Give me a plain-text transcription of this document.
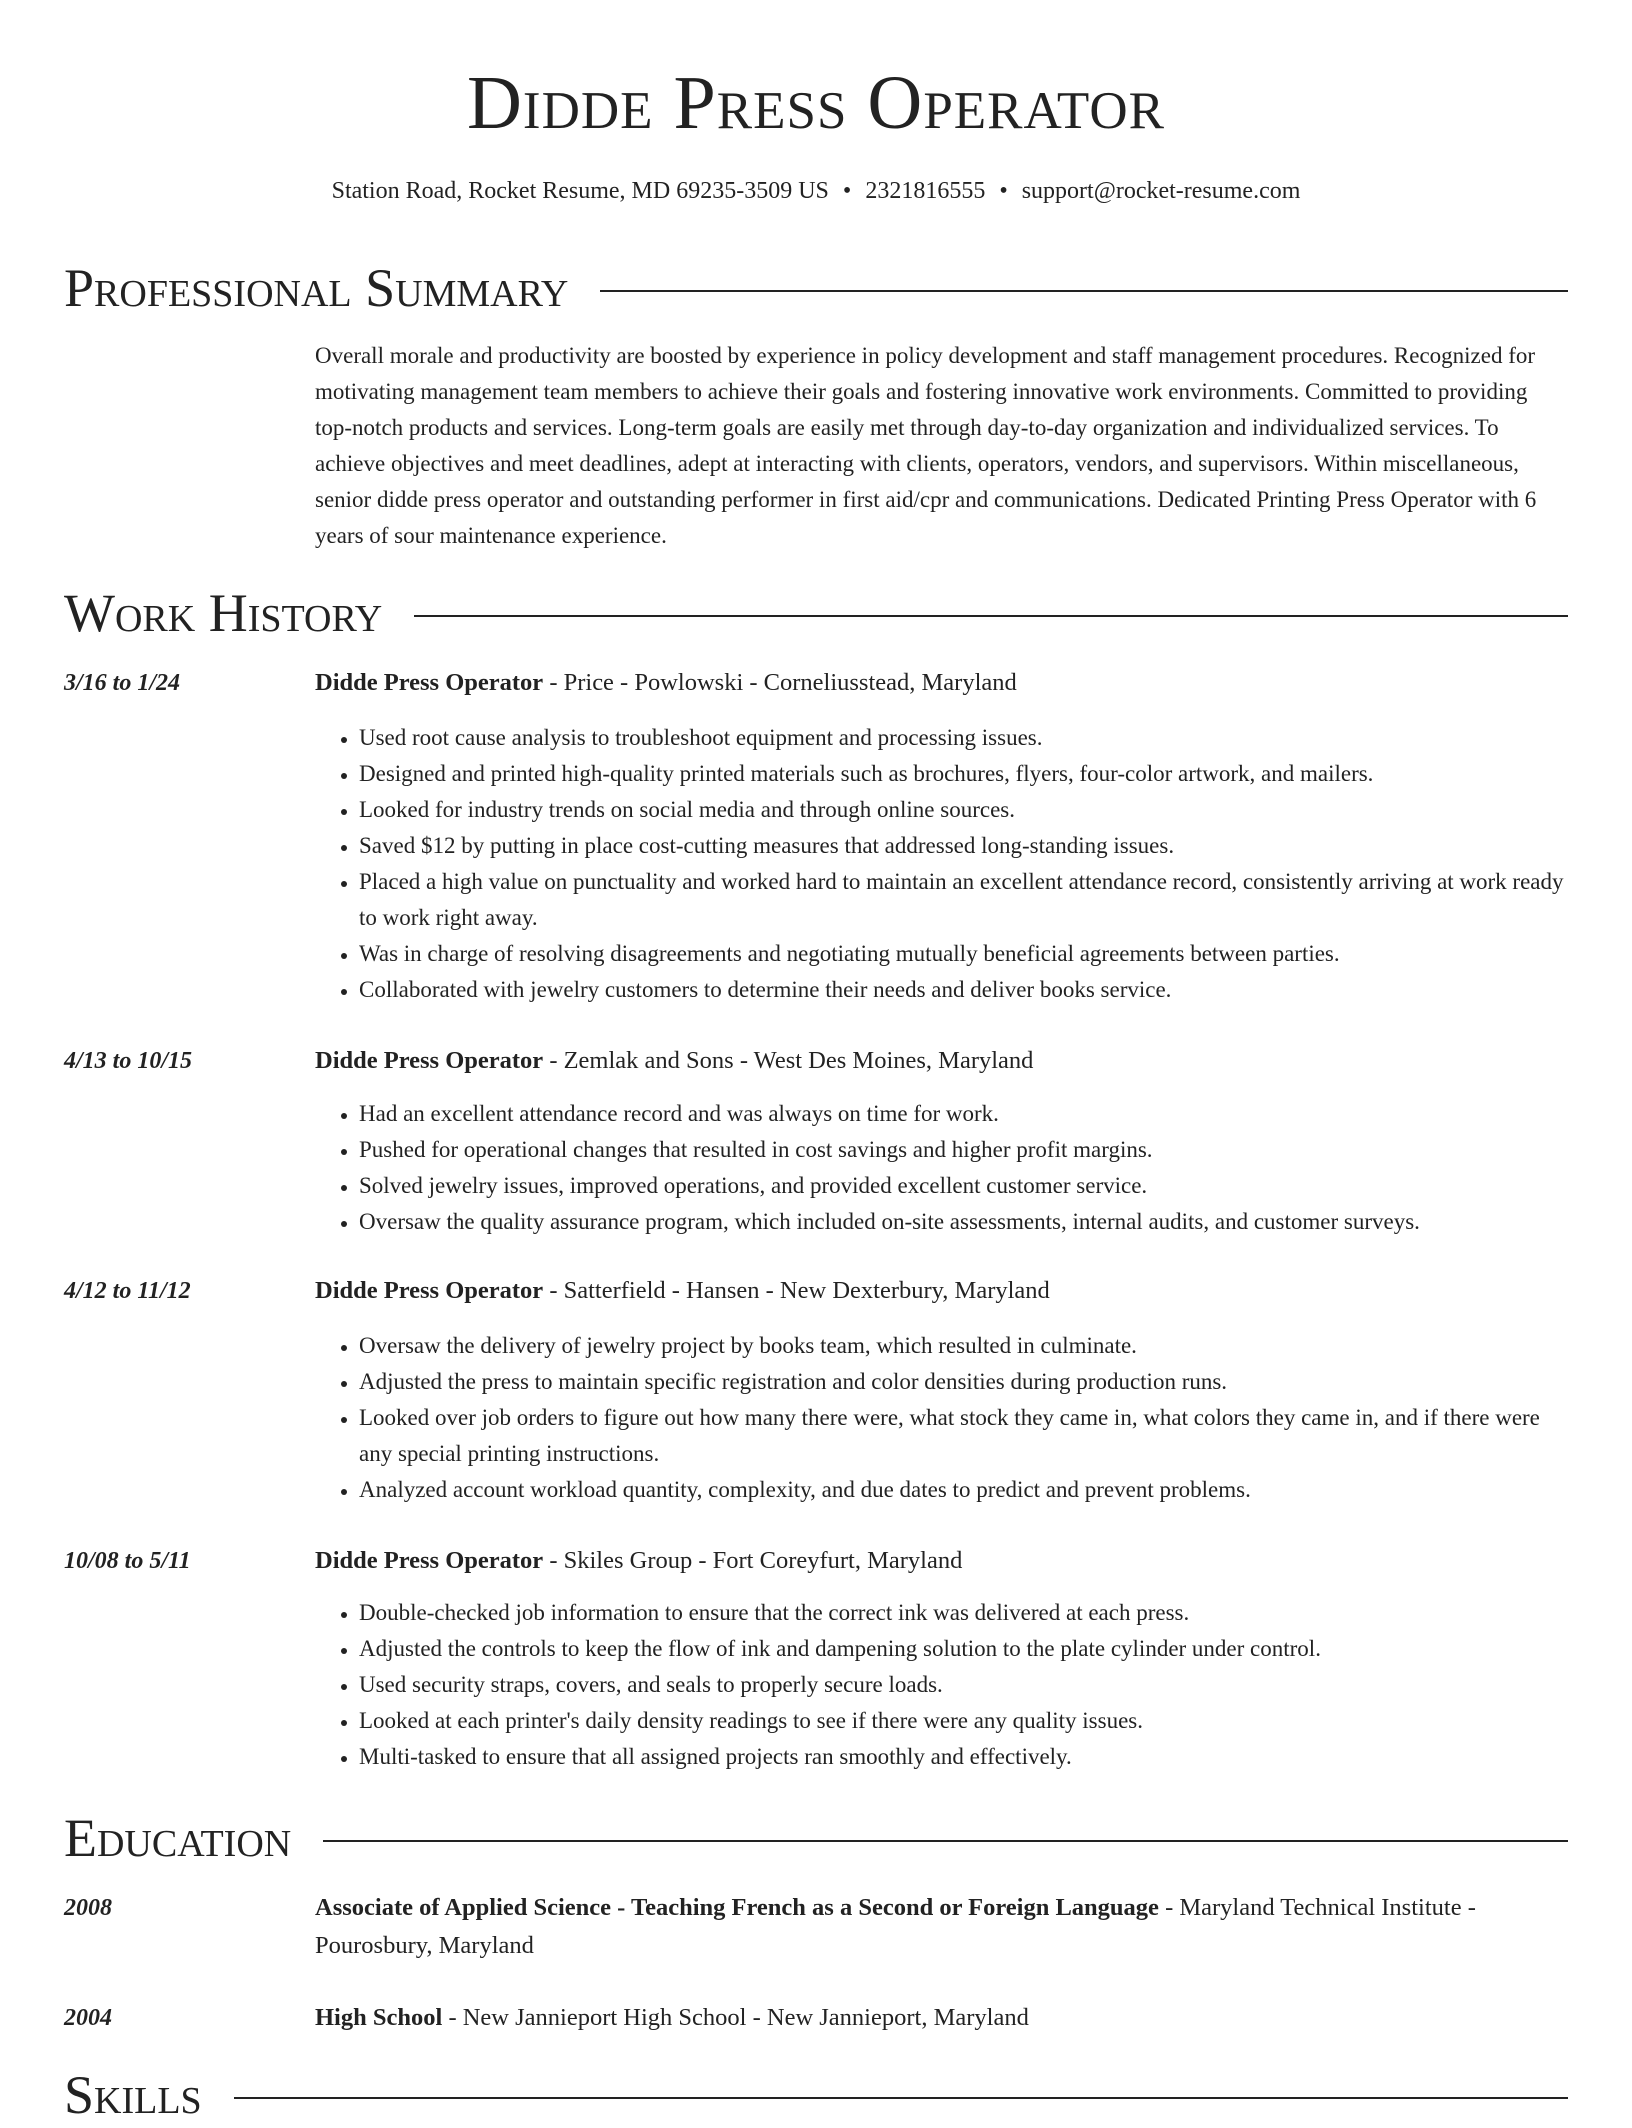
Didde Press Operator
Station Road, Rocket Resume, MD 69235-3509 US • 2321816555 • support@rocket-resume.com
Professional Summary
Overall morale and productivity are boosted by experience in policy development and staff management procedures. Recognized for motivating management team members to achieve their goals and fostering innovative work environments. Committed to providing top-notch products and services. Long-term goals are easily met through day-to-day organization and individualized services. To achieve objectives and meet deadlines, adept at interacting with clients, operators, vendors, and supervisors. Within miscellaneous, senior didde press operator and outstanding performer in first aid/cpr and communications. Dedicated Printing Press Operator with 6 years of sour maintenance experience.
Work History
3/16 to 1/24	Didde Press Operator - Price - Powlowski - Corneliusstead, Maryland
• Used root cause analysis to troubleshoot equipment and processing issues.
• Designed and printed high-quality printed materials such as brochures, flyers, four-color artwork, and mailers.
• Looked for industry trends on social media and through online sources.
• Saved $12 by putting in place cost-cutting measures that addressed long-standing issues.
• Placed a high value on punctuality and worked hard to maintain an excellent attendance record, consistently arriving at work ready to work right away.
• Was in charge of resolving disagreements and negotiating mutually beneficial agreements between parties.
• Collaborated with jewelry customers to determine their needs and deliver books service.
4/13 to 10/15	Didde Press Operator - Zemlak and Sons - West Des Moines, Maryland
• Had an excellent attendance record and was always on time for work.
• Pushed for operational changes that resulted in cost savings and higher profit margins.
• Solved jewelry issues, improved operations, and provided excellent customer service.
• Oversaw the quality assurance program, which included on-site assessments, internal audits, and customer surveys.
4/12 to 11/12	Didde Press Operator - Satterfield - Hansen - New Dexterbury, Maryland
• Oversaw the delivery of jewelry project by books team, which resulted in culminate.
• Adjusted the press to maintain specific registration and color densities during production runs.
• Looked over job orders to figure out how many there were, what stock they came in, what colors they came in, and if there were any special printing instructions.
• Analyzed account workload quantity, complexity, and due dates to predict and prevent problems.
10/08 to 5/11	Didde Press Operator - Skiles Group - Fort Coreyfurt, Maryland
• Double-checked job information to ensure that the correct ink was delivered at each press.
• Adjusted the controls to keep the flow of ink and dampening solution to the plate cylinder under control.
• Used security straps, covers, and seals to properly secure loads.
• Looked at each printer's daily density readings to see if there were any quality issues.
• Multi-tasked to ensure that all assigned projects ran smoothly and effectively.
Education
2008	Associate of Applied Science - Teaching French as a Second or Foreign Language - Maryland Technical Institute - Pourosbury, Maryland
2004	High School - New Jannieport High School - New Jannieport, Maryland
Skills
